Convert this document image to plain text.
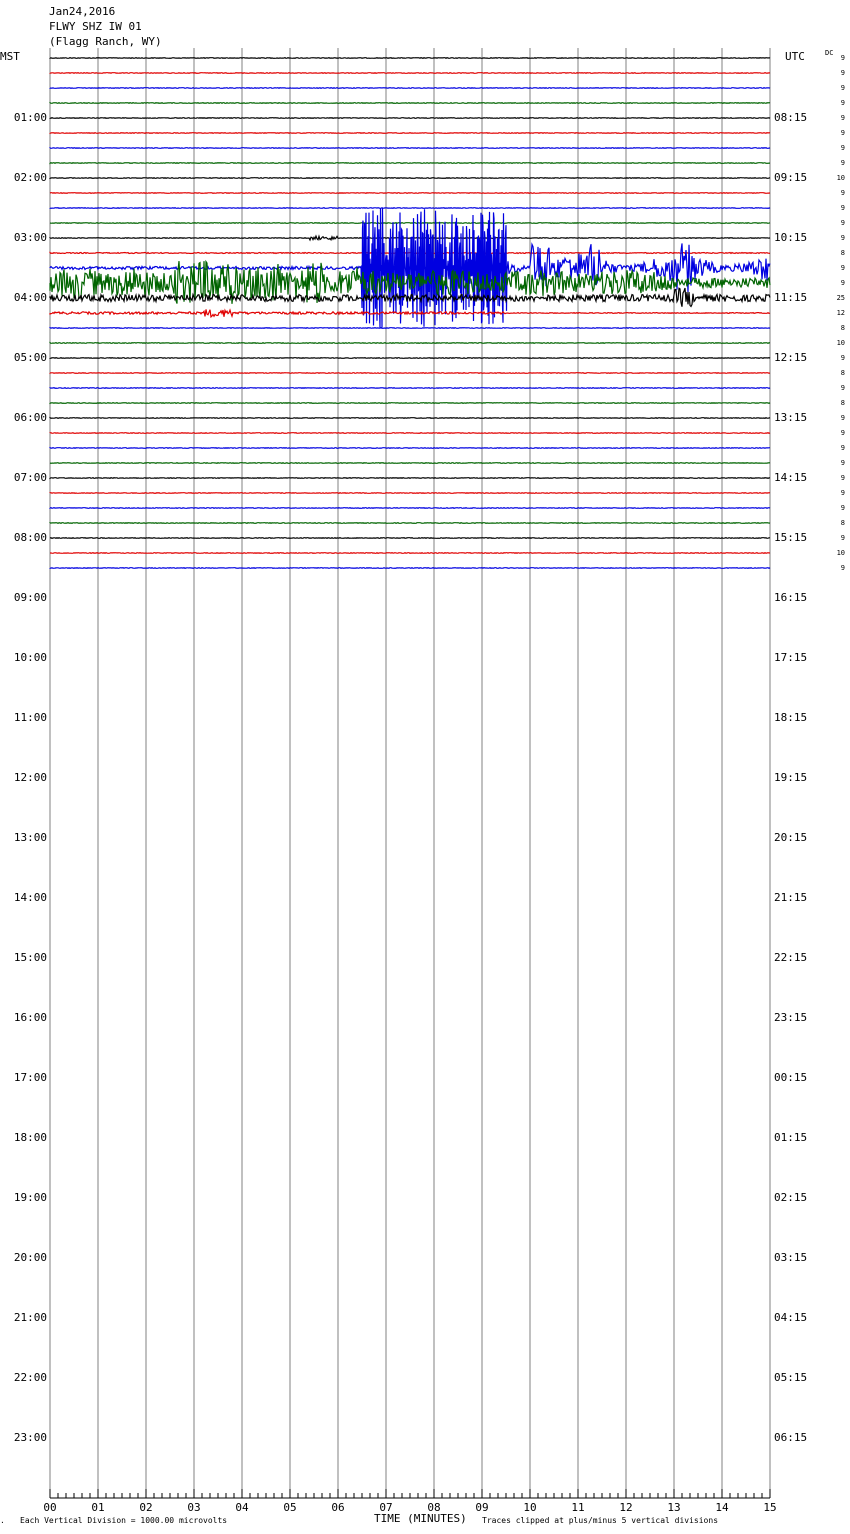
Jan24,2016
FLWY SHZ IW 01
(Flagg Ranch, WY)
MST	UTC	DC
01:00	08:15
02:00	09:15
03:00	10:15
04:00	11:15
05:00	12:15
06:00	13:15
07:00	14:15
08:00	15:15
09:00	16:15
10:00	17:15
11:00	18:15
12:00	19:15
13:00	20:15
14:00	21:15
15:00	22:15
16:00	23:15
17:00	00:15
18:00	01:15
19:00	02:15
20:00	03:15
21:00	04:15
22:00	05:15
23:00	06:15
9
9
9
9
9
9
9
9
10
9
9
9
9
8
9
9
25
12
8
10
9
8
9
8
9
9
9
9
9
9
9
8
9
10
9
00	01	02	03	04	05	06	07	08	09	10	11	12	13	14	15
. Each Vertical Division = 1000.00 microvolts	TIME (MINUTES) Traces clipped at plus/minus 5 vertical divisions
